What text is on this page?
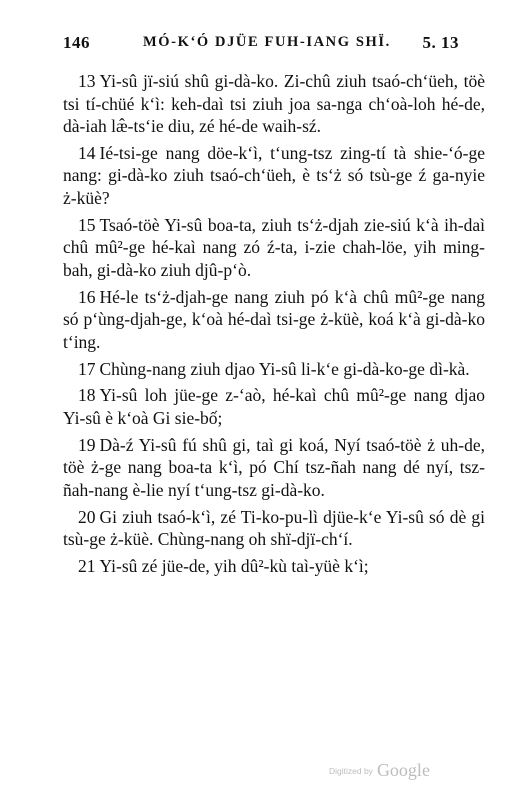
146	MÓ-K‘Ó DJÜE FUH-IANG SHÏ. 5. 13

13 Yi-sû jï-siú shû gi-dà-ko. Zi-chû ziuh tsaó-ch‘üeh, töè tsi tí-chüé k‘ì: keh-daì tsi ziuh joa sa-nga ch‘oà-loh hé-de, dà-iah læ̂-ts‘ie diu, zé hé-de waih-sź.

14 Ié-tsi-ge nang döe-k‘ì, t‘ung-tsz zing-tí tà shie-‘ó-ge nang: gi-dà-ko ziuh tsaó-ch‘üeh, è ts‘ż só tsù-ge ź ga-nyie ż-küè?

15 Tsaó-töè Yi-sû boa-ta, ziuh ts‘ż-djah zie-siú k‘à ih-daì chû mû²-ge hé-kaì nang zó ź-ta, i-zie chah-löe, yih ming-bah, gi-dà-ko ziuh djû-p‘ò.

16 Hé-le ts‘ż-djah-ge nang ziuh pó k‘à chû mû²-ge nang só p‘ùng-djah-ge, k‘oà hé-daì tsi-ge ż-küè, koá k‘à gi-dà-ko t‘ing.

17 Chùng-nang ziuh djao Yi-sû li-k‘e gi-dà-ko-ge dì-kà.

18 Yi-sû loh jüe-ge z-‘aò, hé-kaì chû mû²-ge nang djao Yi-sû è k‘oà Gi sie-bố;

19 Dà-ź Yi-sû fú shû gi, taì gi koá, Nyí tsaó-töè ż uh-de, töè ż-ge nang boa-ta k‘ì, pó Chí tsz-ñah nang dé nyí, tsz-ñah-nang è-lie nyí t‘ung-tsz gi-dà-ko.

20 Gi ziuh tsaó-k‘ì, zé Ti-ko-pu-lì djüe-k‘e Yi-sû só dè gi tsù-ge ż-küè. Chùng-nang oh shï-djï-ch‘í.

21 Yi-sû zé jüe-de, yih dû²-kù taì-yüè k‘ì;

Digitized by Google
